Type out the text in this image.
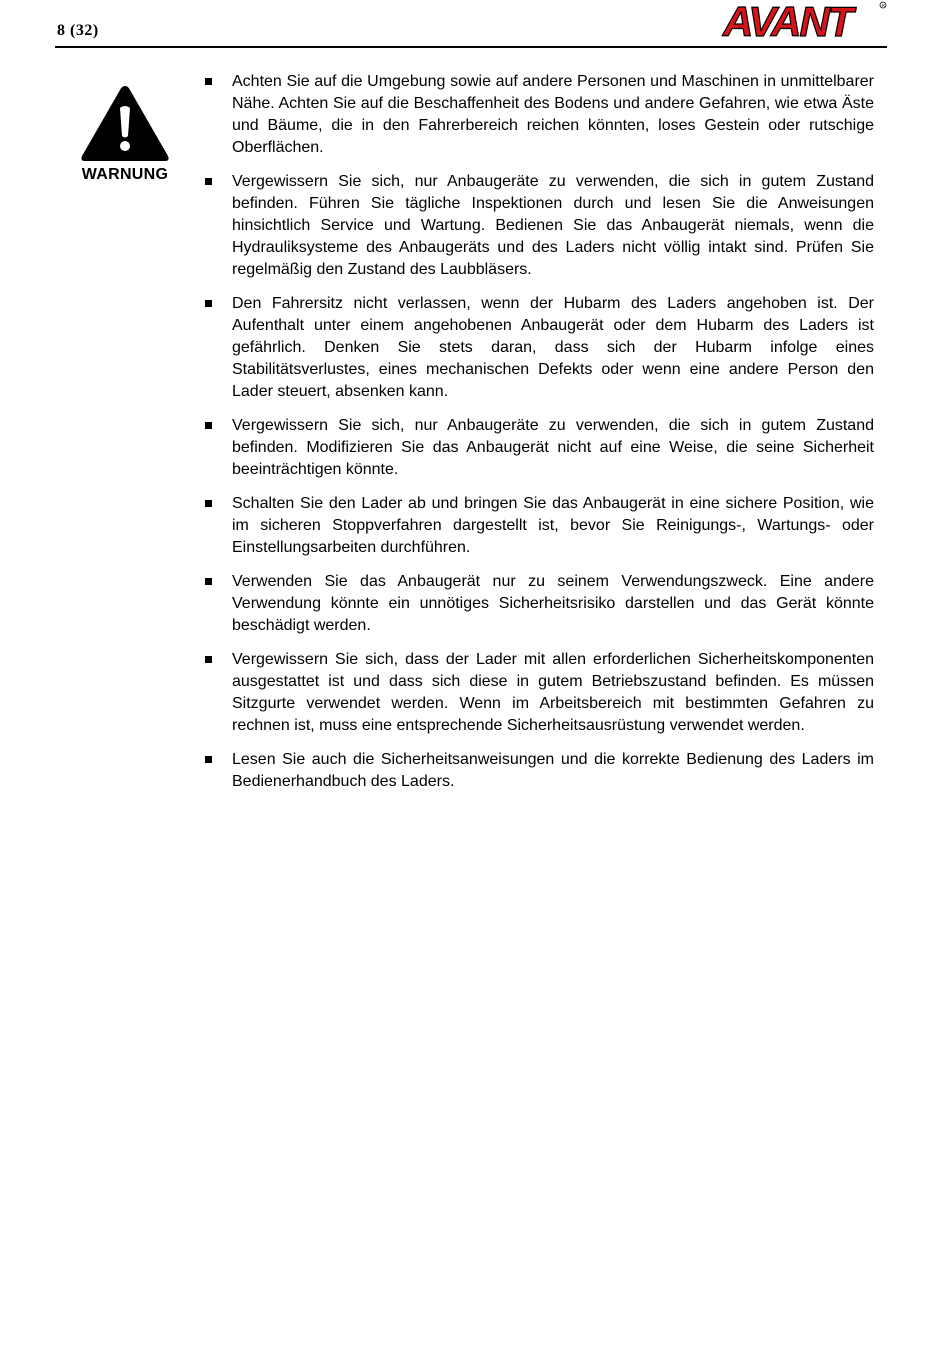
8 (32)	AVANT	R
WARNUNG
Achten Sie auf die Umgebung sowie auf andere Personen und Maschinen in unmittelbarer Nähe. Achten Sie auf die Beschaffenheit des Bodens und andere Gefahren, wie etwa Äste und Bäume, die in den Fahrerbereich reichen könnten, loses Gestein oder rutschige Oberflächen.
Vergewissern Sie sich, nur Anbaugeräte zu verwenden, die sich in gutem Zustand befinden. Führen Sie tägliche Inspektionen durch und lesen Sie die Anweisungen hinsichtlich Service und Wartung. Bedienen Sie das Anbaugerät niemals, wenn die Hydrauliksysteme des Anbaugeräts und des Laders nicht völlig intakt sind. Prüfen Sie regelmäßig den Zustand des Laubbläsers.
Den Fahrersitz nicht verlassen, wenn der Hubarm des Laders angehoben ist. Der Aufenthalt unter einem angehobenen Anbaugerät oder dem Hubarm des Laders ist gefährlich. Denken Sie stets daran, dass sich der Hubarm infolge eines Stabilitätsverlustes, eines mechanischen Defekts oder wenn eine andere Person den Lader steuert, absenken kann.
Vergewissern Sie sich, nur Anbaugeräte zu verwenden, die sich in gutem Zustand befinden. Modifizieren Sie das Anbaugerät nicht auf eine Weise, die seine Sicherheit beeinträchtigen könnte.
Schalten Sie den Lader ab und bringen Sie das Anbaugerät in eine sichere Position, wie im sicheren Stoppverfahren dargestellt ist, bevor Sie Reinigungs-, Wartungs- oder Einstellungsarbeiten durchführen.
Verwenden Sie das Anbaugerät nur zu seinem Verwendungszweck. Eine andere Verwendung könnte ein unnötiges Sicherheitsrisiko darstellen und das Gerät könnte beschädigt werden.
Vergewissern Sie sich, dass der Lader mit allen erforderlichen Sicherheitskomponenten ausgestattet ist und dass sich diese in gutem Betriebszustand befinden. Es müssen Sitzgurte verwendet werden. Wenn im Arbeitsbereich mit bestimmten Gefahren zu rechnen ist, muss eine entsprechende Sicherheitsausrüstung verwendet werden.
Lesen Sie auch die Sicherheitsanweisungen und die korrekte Bedienung des Laders im Bedienerhandbuch des Laders.
